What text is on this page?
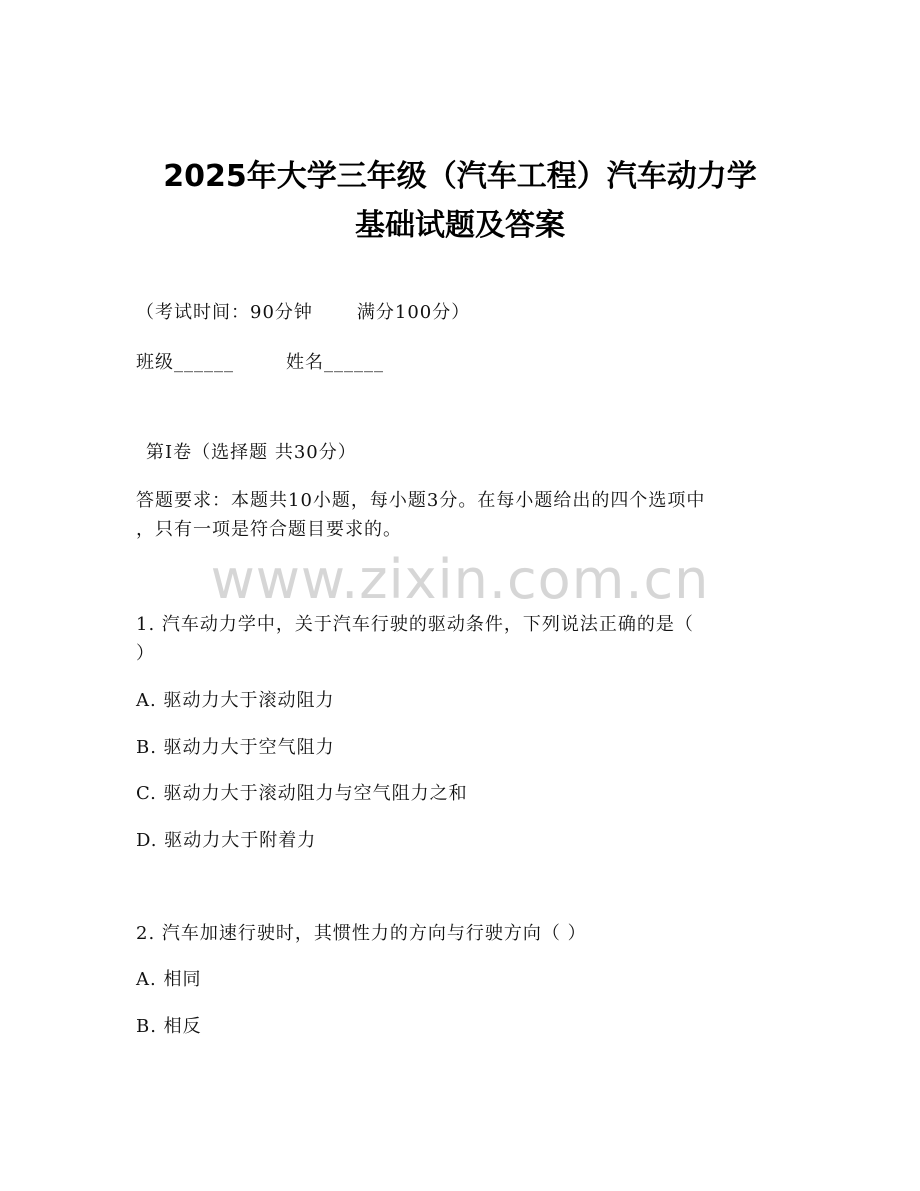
2025年大学三年级（汽车工程）汽车动力学
基础试题及答案
（考试时间：90分钟 满分100分）
班级______	姓名______
第I卷（选择题 共30分）
答题要求：本题共10小题，每小题3分。在每小题给出的四个选项中
，只有一项是符合题目要求的。
www.zixin.com.cn
1. 汽车动力学中，关于汽车行驶的驱动条件，下列说法正确的是（
）
A. 驱动力大于滚动阻力
B. 驱动力大于空气阻力
C. 驱动力大于滚动阻力与空气阻力之和
D. 驱动力大于附着力
2. 汽车加速行驶时，其惯性力的方向与行驶方向（ ）
A. 相同
B. 相反
